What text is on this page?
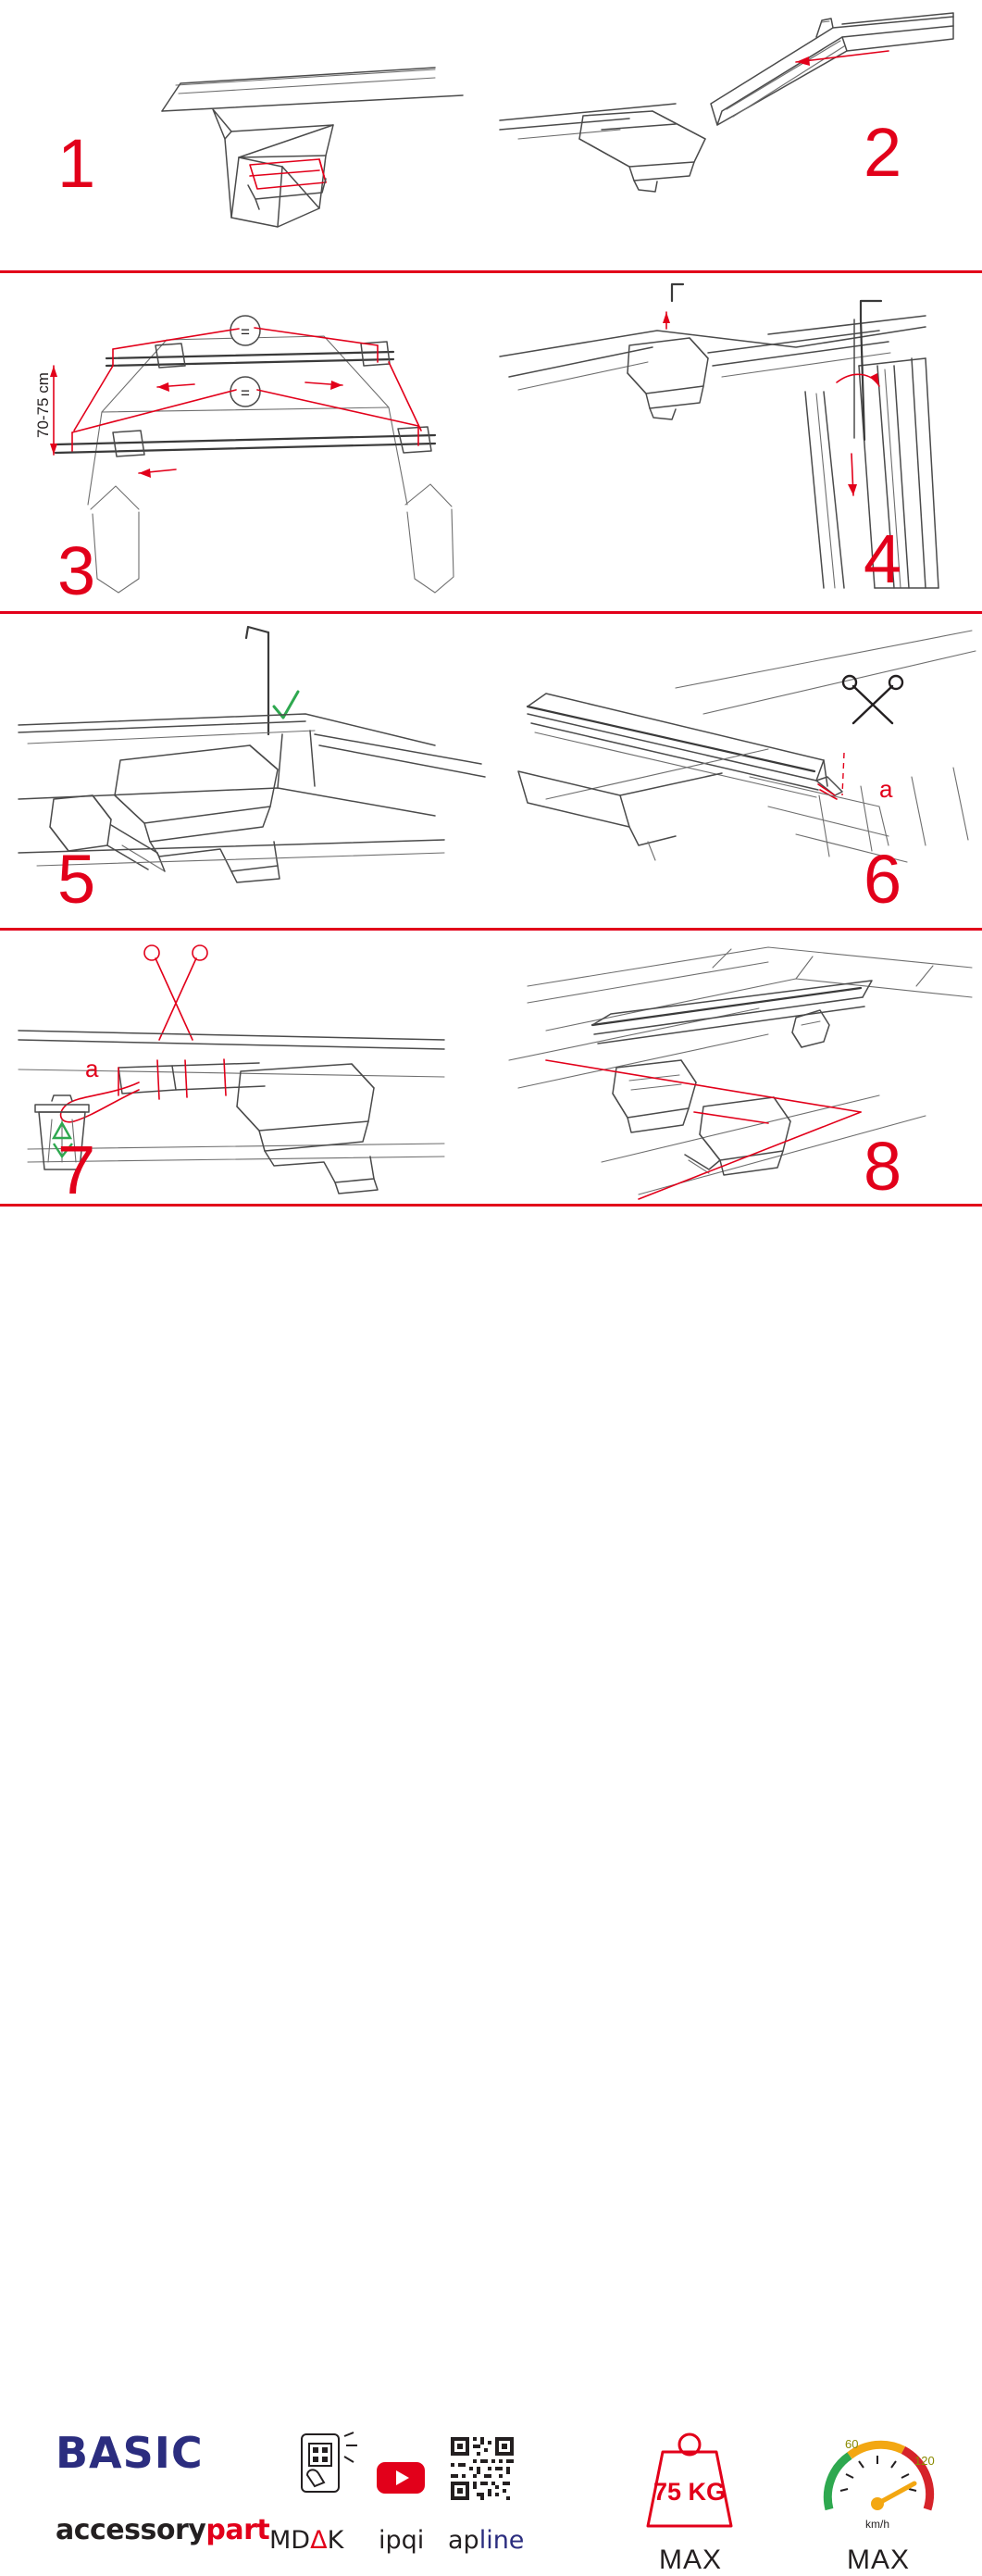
1	2
=
=
70-75 cm
3	4
5
a
6
a
7	8
BASIC
accessorypart MDΔK ipqi apline
75 KG
MAX
60
120
km/h
MAX
